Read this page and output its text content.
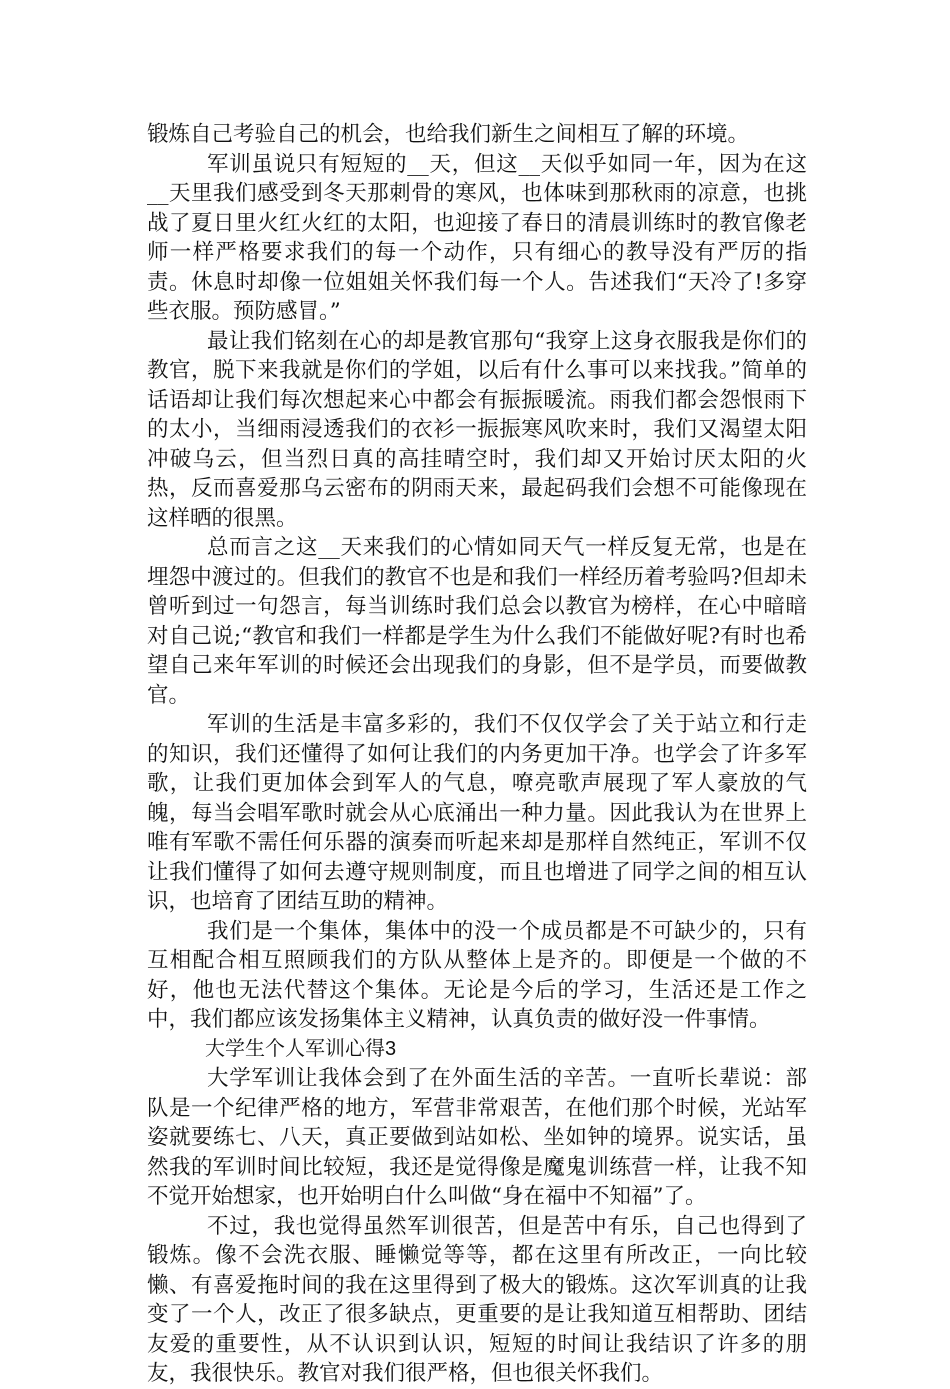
锻炼自己考验自己的机会，也给我们新生之间相互了解的环境。

军训虽说只有短短的__天，但这__天似乎如同一年，因为在这__天里我们感受到冬天那刺骨的寒风，也体味到那秋雨的凉意，也挑战了夏日里火红火红的太阳，也迎接了春日的清晨训练时的教官像老师一样严格要求我们的每一个动作，只有细心的教导没有严厉的指责。休息时却像一位姐姐关怀我们每一个人。告述我们“天冷了!多穿些衣服。预防感冒。”

最让我们铭刻在心的却是教官那句“我穿上这身衣服我是你们的教官，脱下来我就是你们的学姐，以后有什么事可以来找我。”简单的话语却让我们每次想起来心中都会有振振暖流。雨我们都会怨恨雨下的太小，当细雨浸透我们的衣衫一振振寒风吹来时，我们又渴望太阳冲破乌云，但当烈日真的高挂晴空时，我们却又开始讨厌太阳的火热，反而喜爱那乌云密布的阴雨天来，最起码我们会想不可能像现在这样晒的很黑。

总而言之这__天来我们的心情如同天气一样反复无常，也是在埋怨中渡过的。但我们的教官不也是和我们一样经历着考验吗?但却未曾听到过一句怨言，每当训练时我们总会以教官为榜样，在心中暗暗对自己说;“教官和我们一样都是学生为什么我们不能做好呢?有时也希望自己来年军训的时候还会出现我们的身影，但不是学员，而要做教官。

军训的生活是丰富多彩的，我们不仅仅学会了关于站立和行走的知识，我们还懂得了如何让我们的内务更加干净。也学会了许多军歌，让我们更加体会到军人的气息，嘹亮歌声展现了军人豪放的气魄，每当会唱军歌时就会从心底涌出一种力量。因此我认为在世界上唯有军歌不需任何乐器的演奏而听起来却是那样自然纯正，军训不仅让我们懂得了如何去遵守规则制度，而且也增进了同学之间的相互认识，也培育了团结互助的精神。

我们是一个集体，集体中的没一个成员都是不可缺少的，只有互相配合相互照顾我们的方队从整体上是齐的。即便是一个做的不好，他也无法代替这个集体。无论是今后的学习，生活还是工作之中，我们都应该发扬集体主义精神，认真负责的做好没一件事情。

大学生个人军训心得3

大学军训让我体会到了在外面生活的辛苦。一直听长辈说：部队是一个纪律严格的地方，军营非常艰苦，在他们那个时候，光站军姿就要练七、八天，真正要做到站如松、坐如钟的境界。说实话，虽然我的军训时间比较短，我还是觉得像是魔鬼训练营一样，让我不知不觉开始想家，也开始明白什么叫做“身在福中不知福”了。

不过，我也觉得虽然军训很苦，但是苦中有乐，自己也得到了锻炼。像不会洗衣服、睡懒觉等等，都在这里有所改正，一向比较懒、有喜爱拖时间的我在这里得到了极大的锻炼。这次军训真的让我变了一个人，改正了很多缺点，更重要的是让我知道互相帮助、团结友爱的重要性，从不认识到认识，短短的时间让我结识了许多的朋友，我很快乐。教官对我们很严格，但也很关怀我们。
